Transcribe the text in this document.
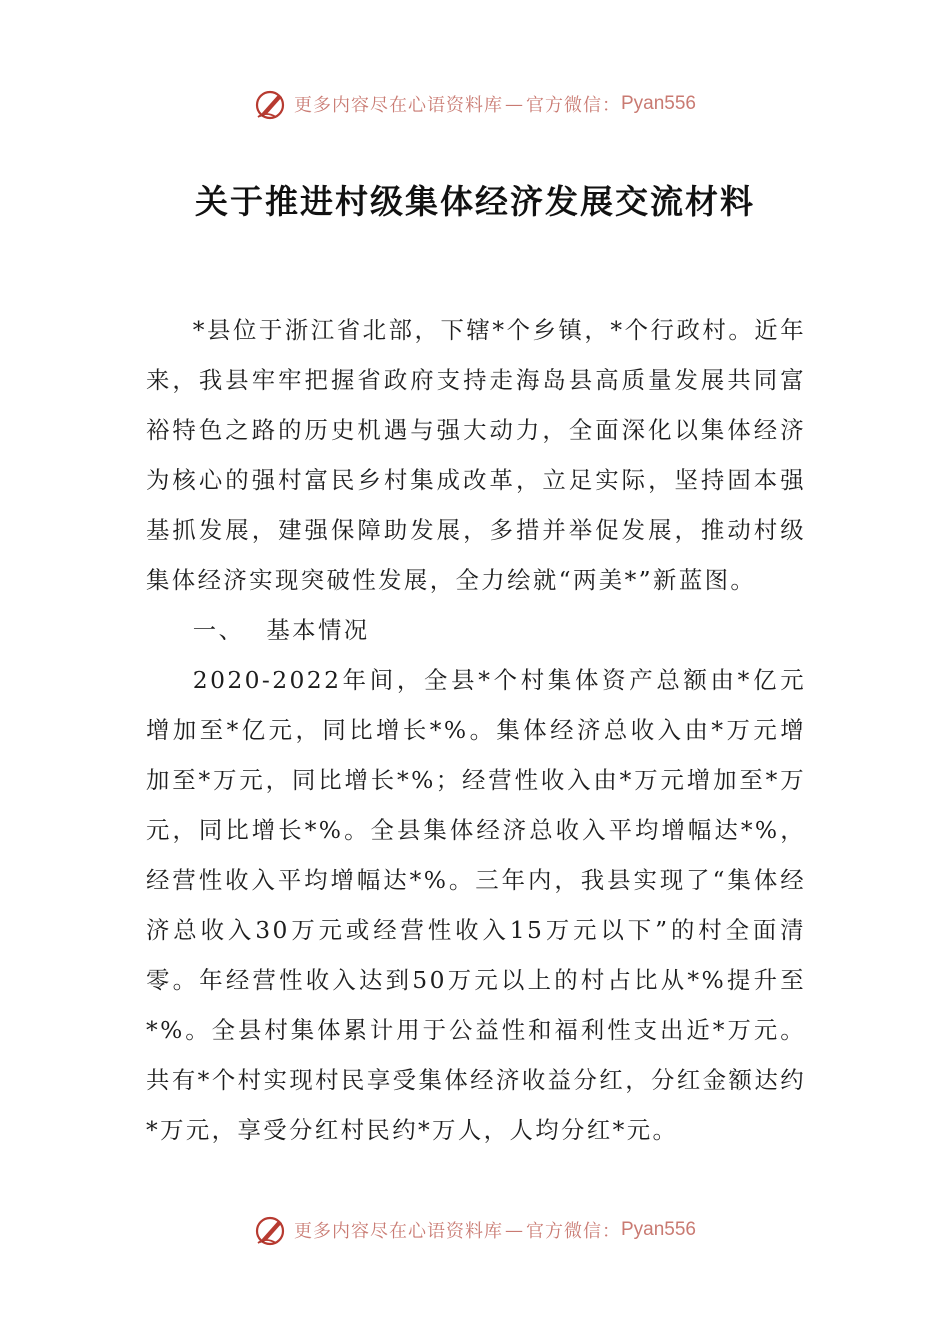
更多内容尽在心语资料库 — 官方微信： Pyan556
关于推进村级集体经济发展交流材料

*县位于浙江省北部，下辖*个乡镇，*个行政村。近年来，我县牢牢把握省政府支持走海岛县高质量发展共同富裕特色之路的历史机遇与强大动力，全面深化以集体经济为核心的强村富民乡村集成改革，立足实际，坚持固本强基抓发展，建强保障助发展，多措并举促发展，推动村级集体经济实现突破性发展，全力绘就“两美*”新蓝图。

一、 基本情况

2020-2022年间，全县*个村集体资产总额由*亿元增加至*亿元，同比增长*%。集体经济总收入由*万元增加至*万元，同比增长*%；经营性收入由*万元增加至*万元，同比增长*%。全县集体经济总收入平均增幅达*%，经营性收入平均增幅达*%。三年内，我县实现了“集体经济总收入30万元或经营性收入15万元以下”的村全面清零。年经营性收入达到50万元以上的村占比从*%提升至*%。全县村集体累计用于公益性和福利性支出近*万元。共有*个村实现村民享受集体经济收益分红，分红金额达约*万元，享受分红村民约*万人，人均分红*元。

更多内容尽在心语资料库 — 官方微信： Pyan556
